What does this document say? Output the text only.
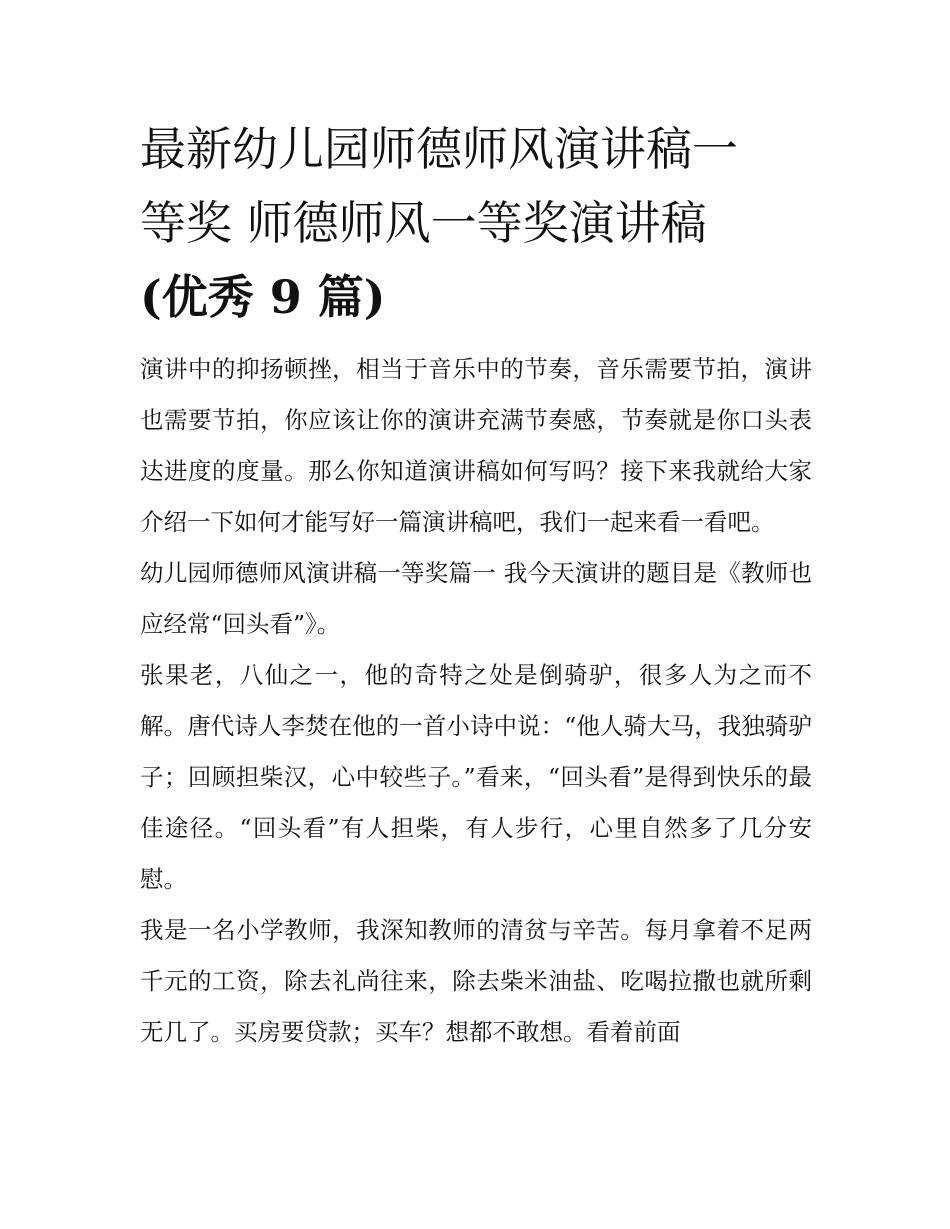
最新幼儿园师德师风演讲稿一
等奖 师德师风一等奖演讲稿
(优秀 9 篇)

演讲中的抑扬顿挫，相当于音乐中的节奏，音乐需要节拍，演讲也需要节拍，你应该让你的演讲充满节奏感，节奏就是你口头表达进度的度量。那么你知道演讲稿如何写吗？接下来我就给大家介绍一下如何才能写好一篇演讲稿吧，我们一起来看一看吧。

幼儿园师德师风演讲稿一等奖篇一 我今天演讲的题目是《教师也应经常“回头看”》。

张果老，八仙之一，他的奇特之处是倒骑驴，很多人为之而不解。唐代诗人李焚在他的一首小诗中说：“他人骑大马，我独骑驴子；回顾担柴汉，心中较些子。”看来，“回头看”是得到快乐的最佳途径。“回头看”有人担柴，有人步行，心里自然多了几分安慰。

我是一名小学教师，我深知教师的清贫与辛苦。每月拿着不足两千元的工资，除去礼尚往来，除去柴米油盐、吃喝拉撒也就所剩无几了。买房要贷款；买车？想都不敢想。看着前面
